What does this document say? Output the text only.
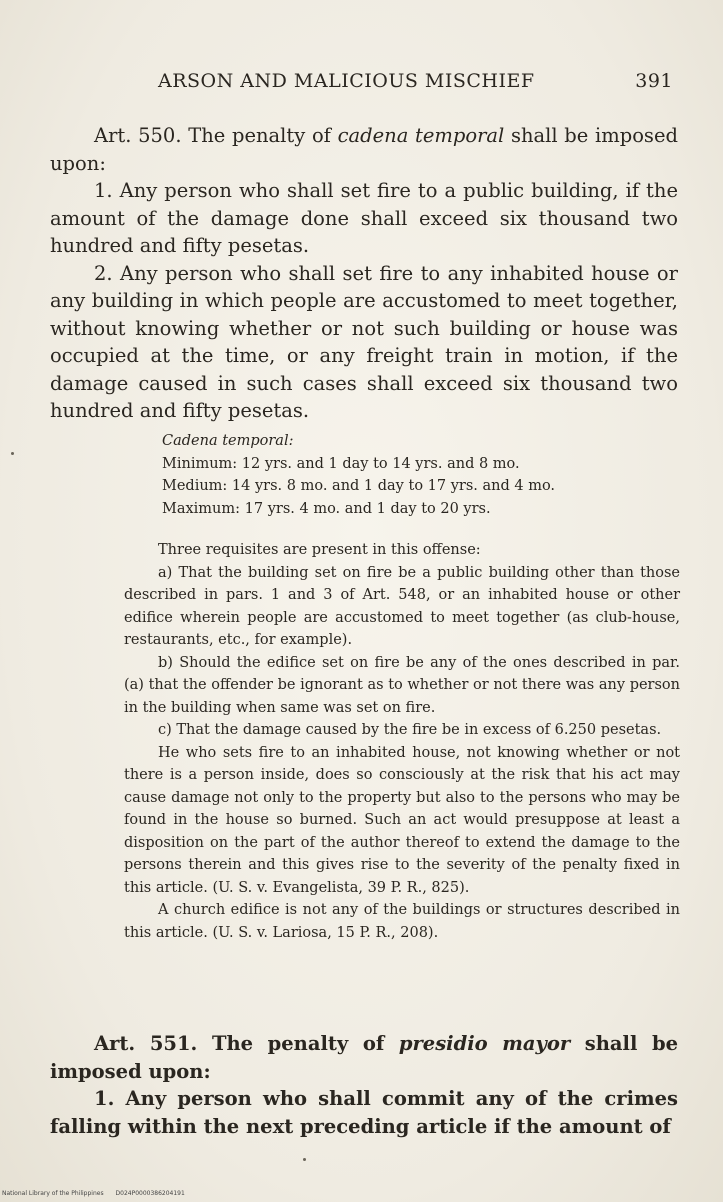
ARSON AND MALICIOUS MISCHIEF	391

Art. 550. The penalty of cadena temporal shall be imposed upon:

1. Any person who shall set fire to a public building, if the amount of the damage done shall exceed six thousand two hundred and fifty pesetas.

2. Any person who shall set fire to any inhabited house or any building in which people are accustomed to meet together, without knowing whether or not such building or house was occupied at the time, or any freight train in motion, if the damage caused in such cases shall exceed six thousand two hundred and fifty pesetas.

Cadena temporal:
Minimum: 12 yrs. and 1 day to 14 yrs. and 8 mo.
Medium: 14 yrs. 8 mo. and 1 day to 17 yrs. and 4 mo.
Maximum: 17 yrs. 4 mo. and 1 day to 20 yrs.

Three requisites are present in this offense:

a) That the building set on fire be a public building other than those described in pars. 1 and 3 of Art. 548, or an inhabited house or other edifice wherein people are accustomed to meet together (as club-house, restaurants, etc., for example).

b) Should the edifice set on fire be any of the ones described in par. (a) that the offender be ignorant as to whether or not there was any person in the building when same was set on fire.

c) That the damage caused by the fire be in excess of 6.250 pesetas.

He who sets fire to an inhabited house, not knowing whether or not there is a person inside, does so consciously at the risk that his act may cause damage not only to the property but also to the persons who may be found in the house so burned. Such an act would presuppose at least a disposition on the part of the author thereof to extend the damage to the persons therein and this gives rise to the severity of the penalty fixed in this article. (U. S. v. Evangelista, 39 P. R., 825).

A church edifice is not any of the buildings or structures described in this article. (U. S. v. Lariosa, 15 P. R., 208).

Art. 551. The penalty of presidio mayor shall be imposed upon:

1. Any person who shall commit any of the crimes falling within the next preceding article if the amount of

National Library of the Philippines D024P0000386204191
